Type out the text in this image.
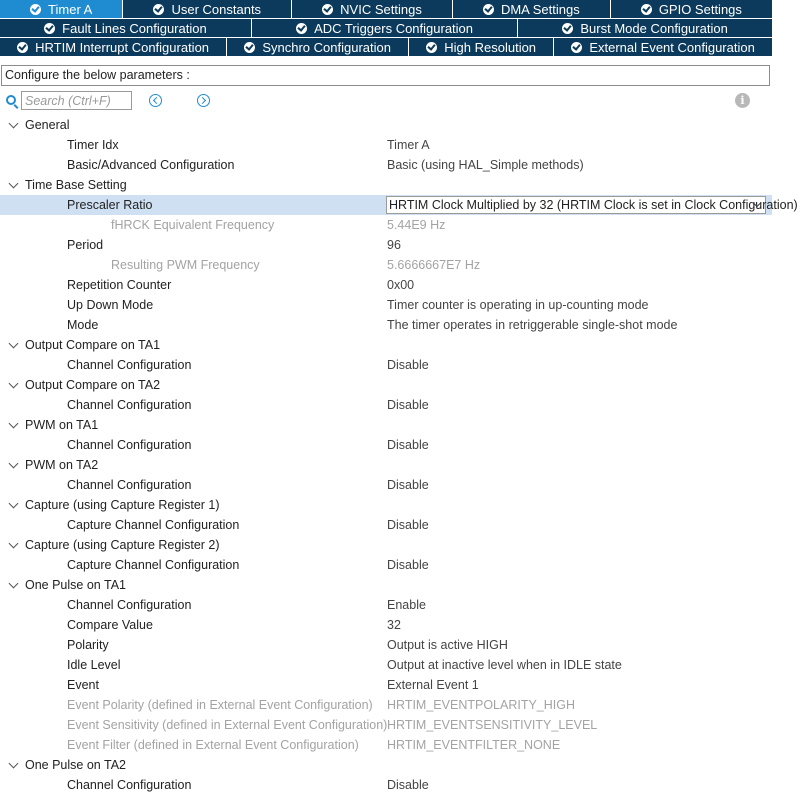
Timer A	User Constants	NVIC Settings	DMA Settings	GPIO Settings
Fault Lines Configuration	ADC Triggers Configuration	Burst Mode Configuration
HRTIM Interrupt Configuration	Synchro Configuration	High Resolution	External Event Configuration
Configure the below parameters :
Search (Ctrl+F)
i
General
Timer Idx	Timer A
Basic/Advanced Configuration	Basic (using HAL_Simple methods)
Time Base Setting
Prescaler Ratio	HRTIM Clock Multiplied by 32 (HRTIM Clock is set in Clock Configuration)
fHRCK Equivalent Frequency	5.44E9 Hz
Period	96
Resulting PWM Frequency	5.6666667E7 Hz
Repetition Counter	0x00
Up Down Mode	Timer counter is operating in up-counting mode
Mode	The timer operates in retriggerable single-shot mode
Output Compare on TA1
Channel Configuration	Disable
Output Compare on TA2
Channel Configuration	Disable
PWM on TA1
Channel Configuration	Disable
PWM on TA2
Channel Configuration	Disable
Capture (using Capture Register 1)
Capture Channel Configuration	Disable
Capture (using Capture Register 2)
Capture Channel Configuration	Disable
One Pulse on TA1
Channel Configuration	Enable
Compare Value	32
Polarity	Output is active HIGH
Idle Level	Output at inactive level when in IDLE state
Event	External Event 1
Event Polarity (defined in External Event Configuration) HRTIM_EVENTPOLARITY_HIGH
Event Sensitivity (defined in External Event Configuration) HRTIM_EVENTSENSITIVITY_LEVEL
Event Filter (defined in External Event Configuration) HRTIM_EVENTFILTER_NONE
One Pulse on TA2
Channel Configuration	Disable
